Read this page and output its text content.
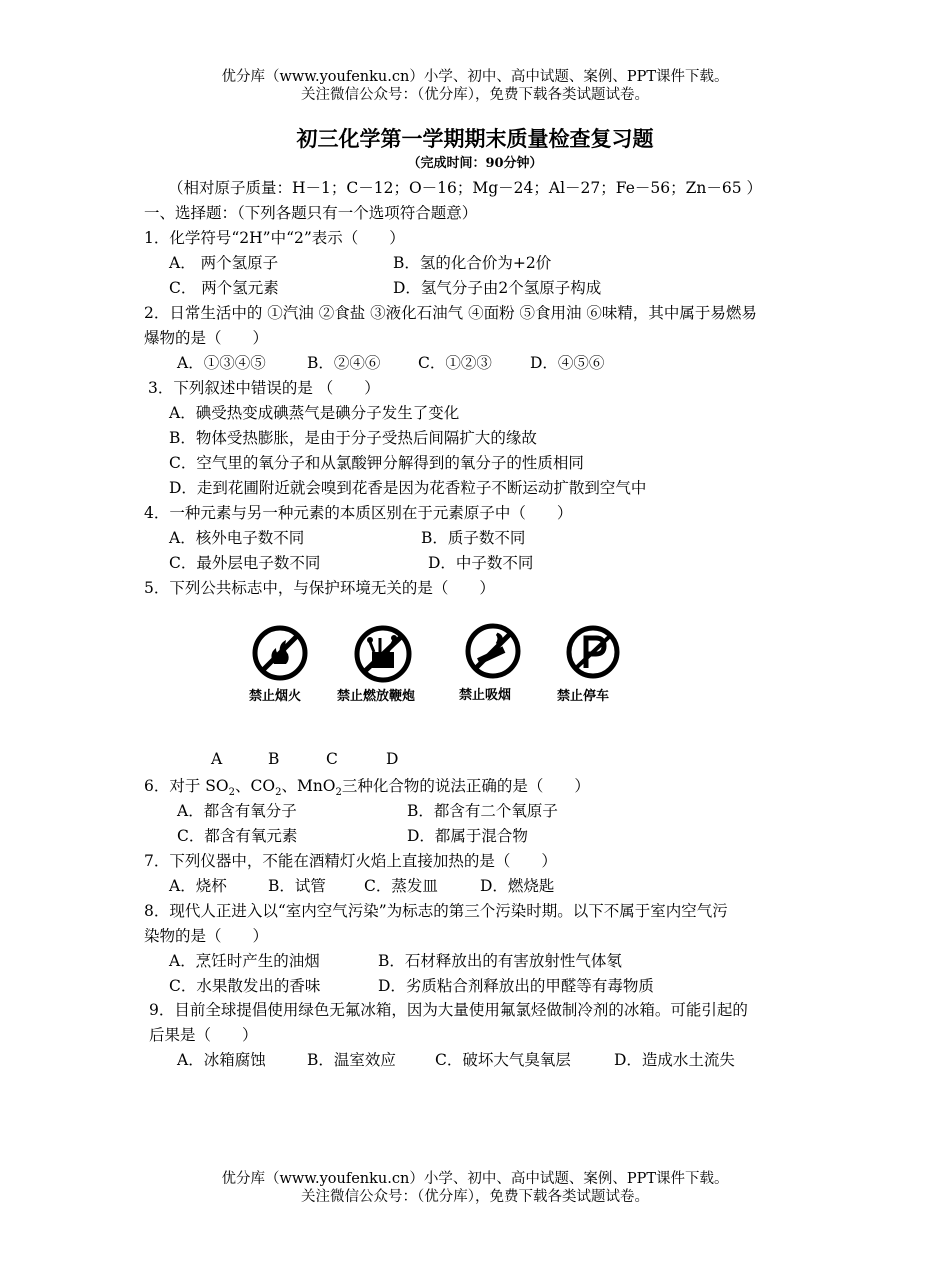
优分库（www.youfenku.cn）小学、初中、高中试题、案例、PPT课件下载。
关注微信公众号：（优分库），免费下载各类试题试卷。
初三化学第一学期期末质量检查复习题
（完成时间：90分钟）
（相对原子质量：H－1；C－12；O－16；Mg－24；Al－27；Fe－56；Zn－65 ）
一、选择题：（下列各题只有一个选项符合题意）
1．化学符号“2H”中“2”表示（　　）
A． 两个氢原子	B．氢的化合价为+2价
C． 两个氢元素	D．氢气分子由2个氢原子构成
2．日常生活中的 ①汽油 ②食盐 ③液化石油气 ④面粉 ⑤食用油 ⑥味精，其中属于易燃易
爆物的是（　　）
A．①③④⑤	B．②④⑥ C．①②③ D．④⑤⑥
3．下列叙述中错误的是 （　　）
A．碘受热变成碘蒸气是碘分子发生了变化
B．物体受热膨胀，是由于分子受热后间隔扩大的缘故
C．空气里的氧分子和从氯酸钾分解得到的氧分子的性质相同
D．走到花圃附近就会嗅到花香是因为花香粒子不断运动扩散到空气中
4．一种元素与另一种元素的本质区别在于元素原子中（　　）
A．核外电子数不同	B．质子数不同
C．最外层电子数不同	D．中子数不同
5．下列公共标志中，与保护环境无关的是（　　）
禁止烟火	禁止燃放鞭炮	禁止吸烟	禁止停车
A	B	C	D
6．对于 $SO_2$、$CO_2$、MnO$_2$三种化合物的说法正确的是（　　）
A．都含有氧分子	B．都含有二个氧原子
C．都含有氧元素	D．都属于混合物
7．下列仪器中，不能在酒精灯火焰上直接加热的是（　　）
A．烧杯	B．试管 C．蒸发皿	D．燃烧匙
8．现代人正进入以“室内空气污染”为标志的第三个污染时期。以下不属于室内空气污
染物的是（　　）
A．烹饪时产生的油烟	B．石材释放出的有害放射性气体氡
C．水果散发出的香味	D．劣质粘合剂释放出的甲醛等有毒物质
9．目前全球提倡使用绿色无氟冰箱，因为大量使用氟氯烃做制冷剂的冰箱。可能引起的
后果是（　　）
A．冰箱腐蚀	B．温室效应	C．破坏大气臭氧层	D．造成水土流失
优分库（www.youfenku.cn）小学、初中、高中试题、案例、PPT课件下载。
关注微信公众号：（优分库），免费下载各类试题试卷。
